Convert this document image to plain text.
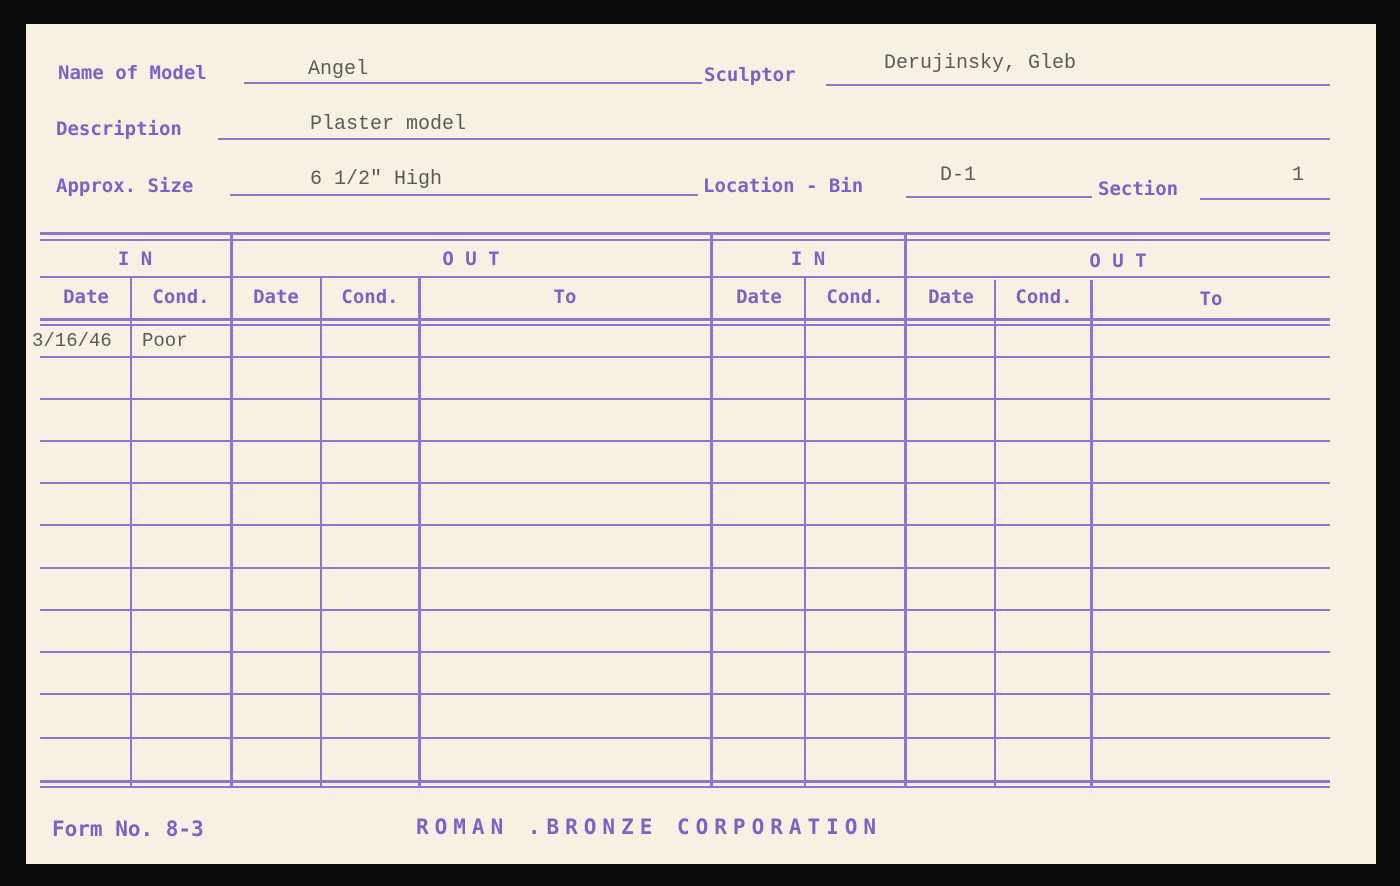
Name of Model	Angel	Sculptor	Derujinsky, Gleb
Description	Plaster model
Approx. Size	6 1/2" High	Location - Bin	D-1
Section
1
I N	O U T	I N	O U T
Date	Cond.	Date	Cond.	To	Date	Cond.	Date	Cond.	To
3/16/46 Poor
Form No. 8-3	ROMAN .BRONZE CORPORATION
